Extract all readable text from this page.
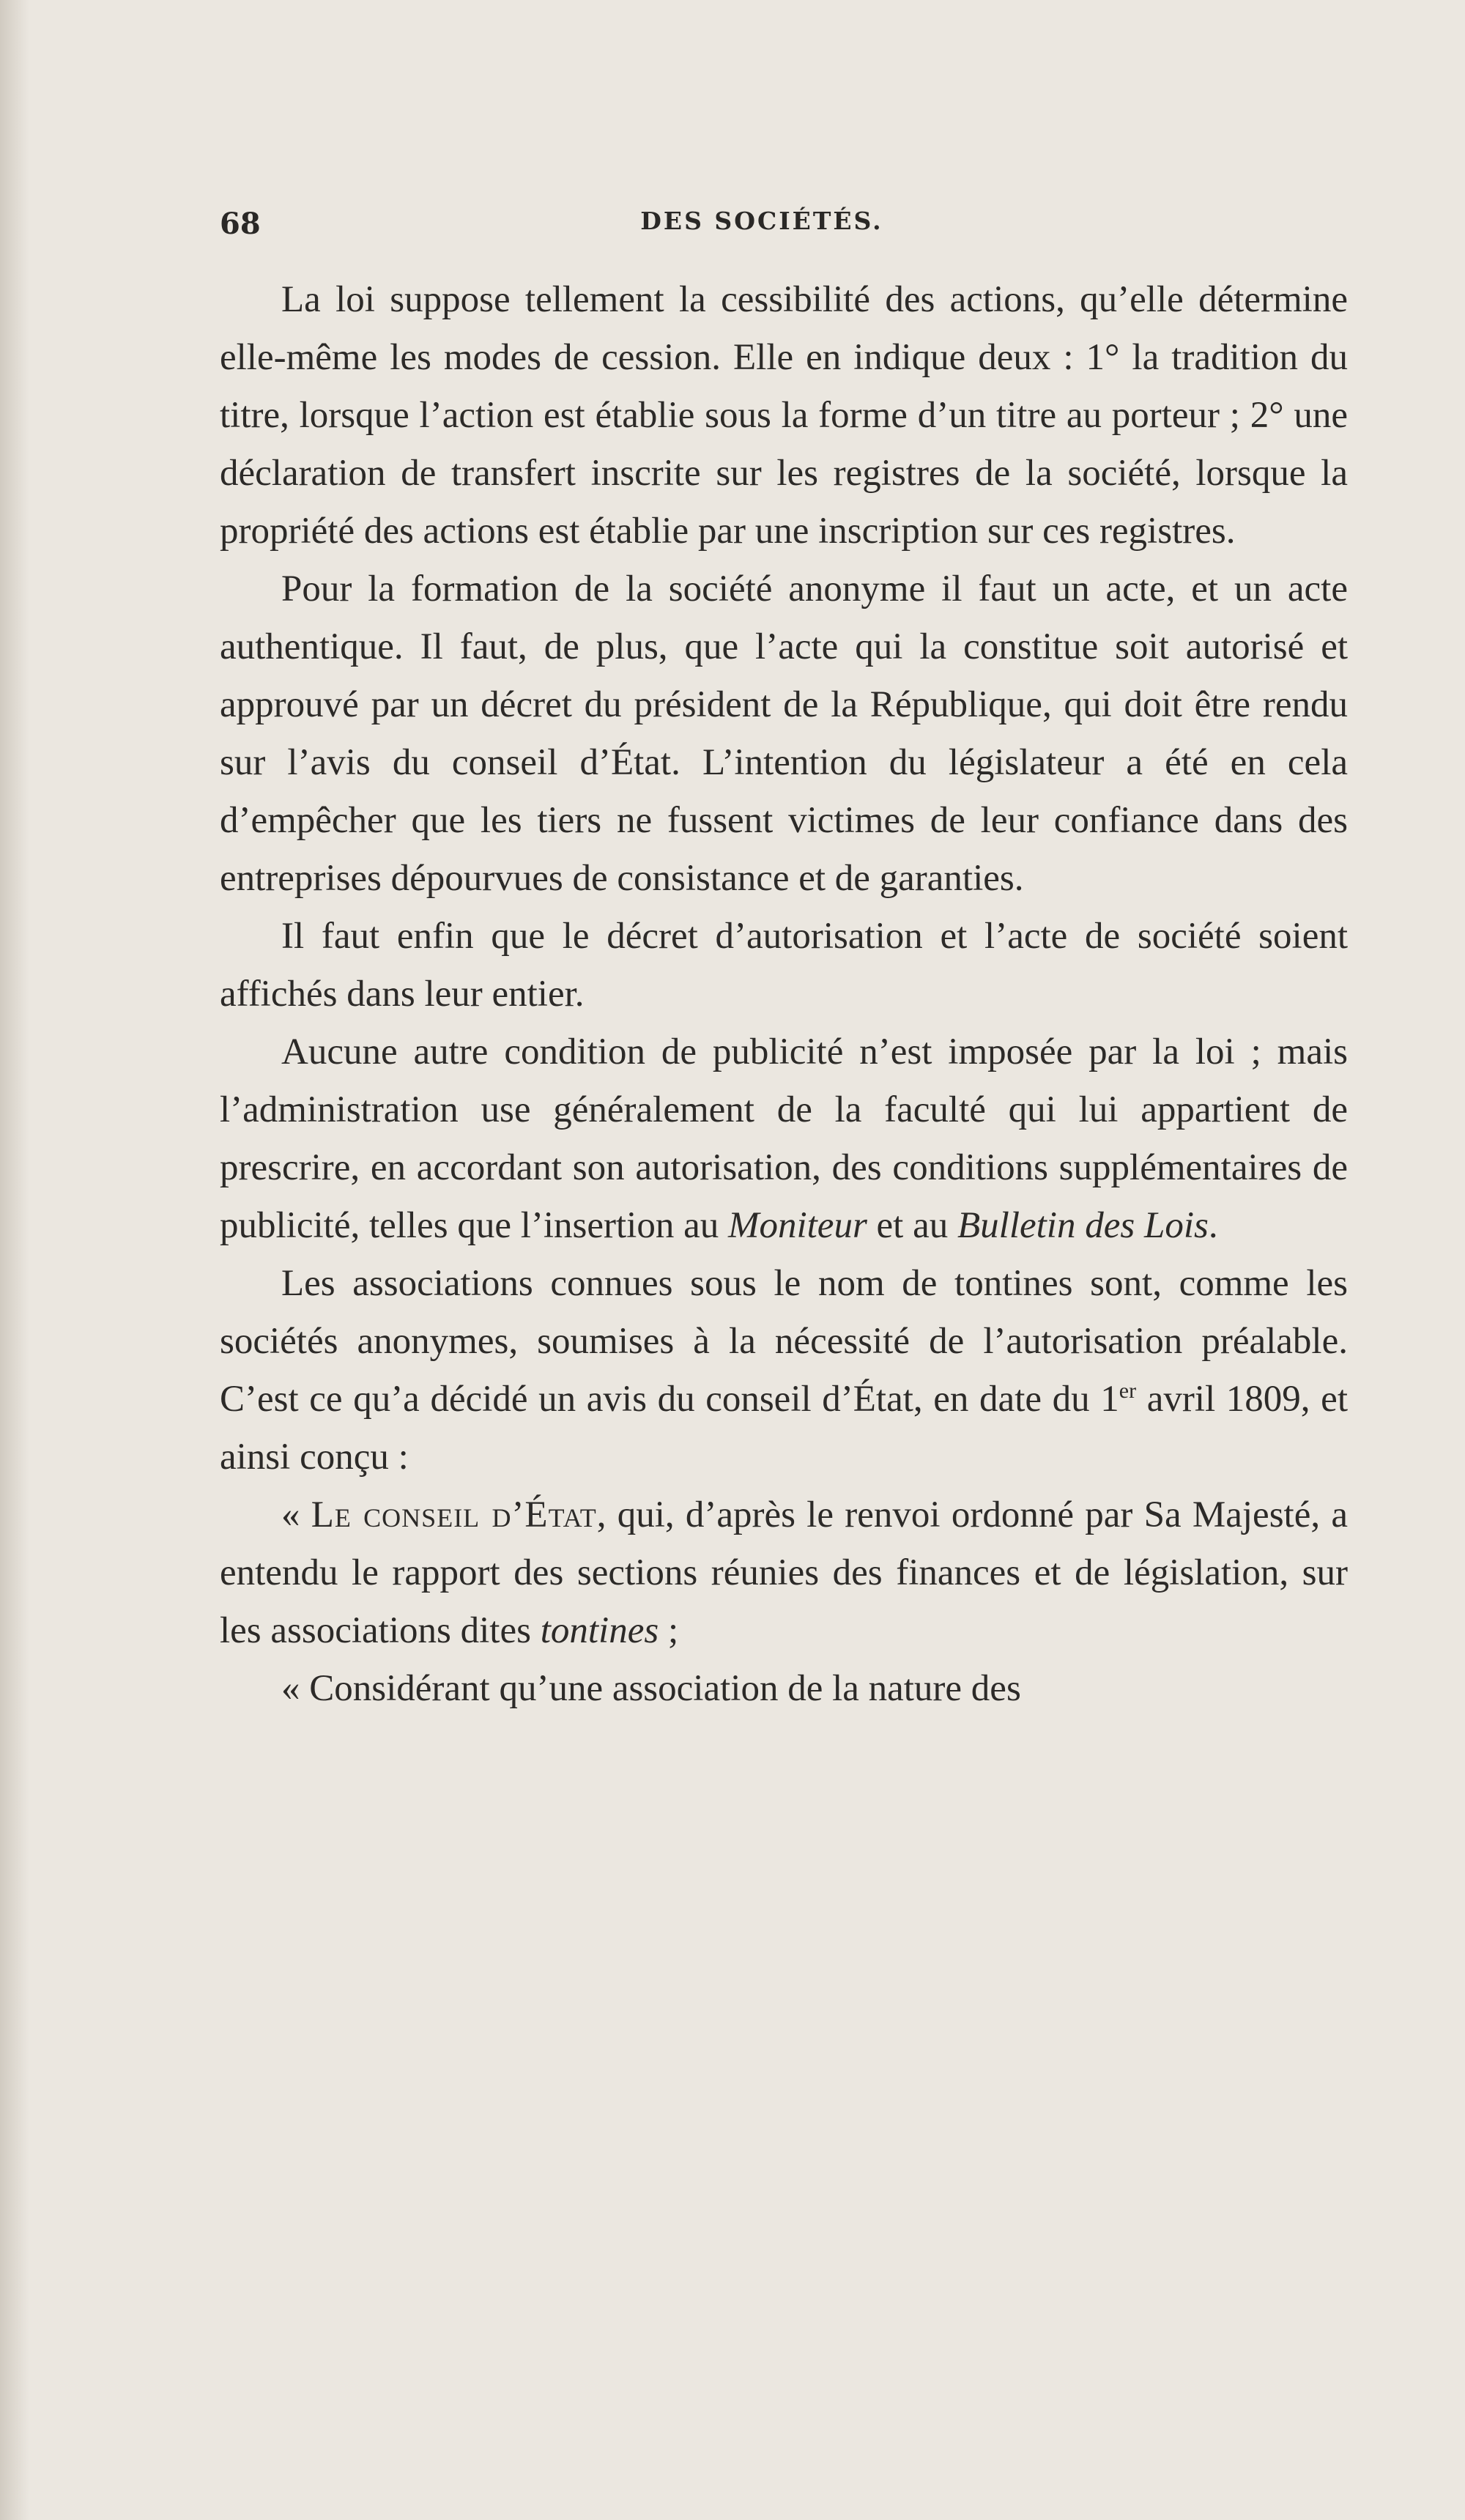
68	DES SOCIÉTÉS.

La loi suppose tellement la cessibilité des actions, qu’elle détermine elle-même les modes de cession. Elle en indique deux : 1° la tradition du titre, lorsque l’action est établie sous la forme d’un titre au porteur ; 2° une déclaration de transfert inscrite sur les registres de la société, lorsque la propriété des actions est établie par une inscription sur ces registres.

Pour la formation de la société anonyme il faut un acte, et un acte authentique. Il faut, de plus, que l’acte qui la constitue soit autorisé et approuvé par un décret du président de la République, qui doit être rendu sur l’avis du conseil d’État. L’intention du législateur a été en cela d’empêcher que les tiers ne fussent victimes de leur confiance dans des entreprises dépourvues de consistance et de garanties.

Il faut enfin que le décret d’autorisation et l’acte de société soient affichés dans leur entier.

Aucune autre condition de publicité n’est imposée par la loi ; mais l’administration use généralement de la faculté qui lui appartient de prescrire, en accordant son autorisation, des conditions supplémentaires de publicité, telles que l’insertion au Moniteur et au Bulletin des Lois.

Les associations connues sous le nom de tontines sont, comme les sociétés anonymes, soumises à la nécessité de l’autorisation préalable. C’est ce qu’a décidé un avis du conseil d’État, en date du 1er avril 1809, et ainsi conçu :

« Le conseil d’État, qui, d’après le renvoi ordonné par Sa Majesté, a entendu le rapport des sections réunies des finances et de législation, sur les associations dites tontines ;

« Considérant qu’une association de la nature des
